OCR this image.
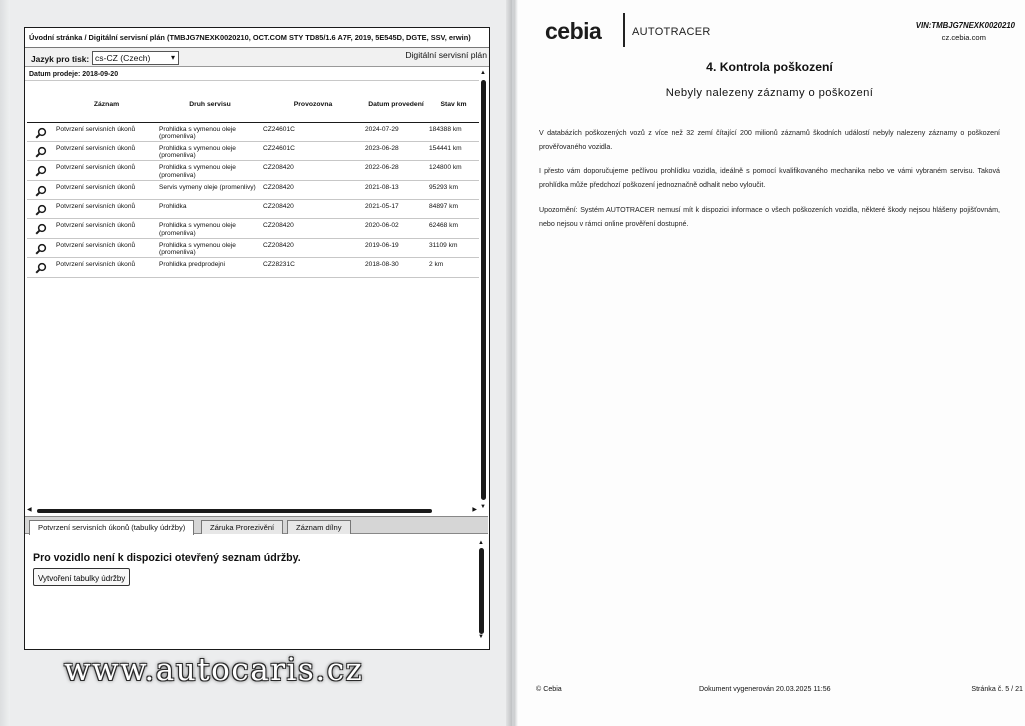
Úvodní stránka / Digitální servisní plán (TMBJG7NEXK0020210, OCT.COM STY TD85/1.6 A7F, 2019, 5E545D, DGTE, SSV, erwin)
Jazyk pro tisk: cs-CZ (Czech)	▾	Digitální servisní plán
Datum prodeje: 2018-09-20
	Záznam	Druh servisu	Provozovna	Datum provedení	Stav km
	Potvrzení servisních úkonů	Prohlidka s vymenou oleje (promenliva)	CZ24601C	2024-07-29	184388 km
	Potvrzení servisních úkonů	Prohlidka s vymenou oleje (promenliva)	CZ24601C	2023-06-28	154441 km
	Potvrzení servisních úkonů	Prohlidka s vymenou oleje (promenliva)	CZ208420	2022-06-28	124800 km
	Potvrzení servisních úkonů	Servis vymeny oleje (promenlivy)	CZ208420	2021-08-13	95293 km
	Potvrzení servisních úkonů	Prohlidka	CZ208420	2021-05-17	84897 km
	Potvrzení servisních úkonů	Prohlidka s vymenou oleje (promenliva)	CZ208420	2020-06-02	62468 km
	Potvrzení servisních úkonů	Prohlidka s vymenou oleje (promenliva)	CZ208420	2019-06-19	31109 km
	Potvrzení servisních úkonů	Prohlidka predprodejni	CZ28231C	2018-08-30	2 km
▲
▼
◀	▶
Potvrzení servisních úkonů (tabulky údržby)	Záruka Prorezivění	Záznam dílny
Pro vozidlo není k dispozici otevřený seznam údržby.
Vytvoření tabulky údržby
▲
▼
www.autocaris.cz
cebia	AUTOTRACER
VIN:TMBJG7NEXK0020210
cz.cebia.com
4. Kontrola poškození
Nebyly nalezeny záznamy o poškození
V databázích poškozených vozů z více než 32 zemí čítající 200 milionů záznamů škodních událostí nebyly nalezeny záznamy o poškození prověřovaného vozidla.
I přesto vám doporučujeme pečlivou prohlídku vozidla, ideálně s pomocí kvalifikovaného mechanika nebo ve vámi vybraném servisu. Taková prohlídka může předchozí poškození jednoznačně odhalit nebo vyloučit.
Upozornění: Systém AUTOTRACER nemusí mít k dispozici informace o všech poškozeních vozidla, některé škody nejsou hlášeny pojišťovnám, nebo nejsou v rámci online prověření dostupné.
© Cebia	Dokument vygenerován 20.03.2025 11:56	Stránka č. 5 / 21
